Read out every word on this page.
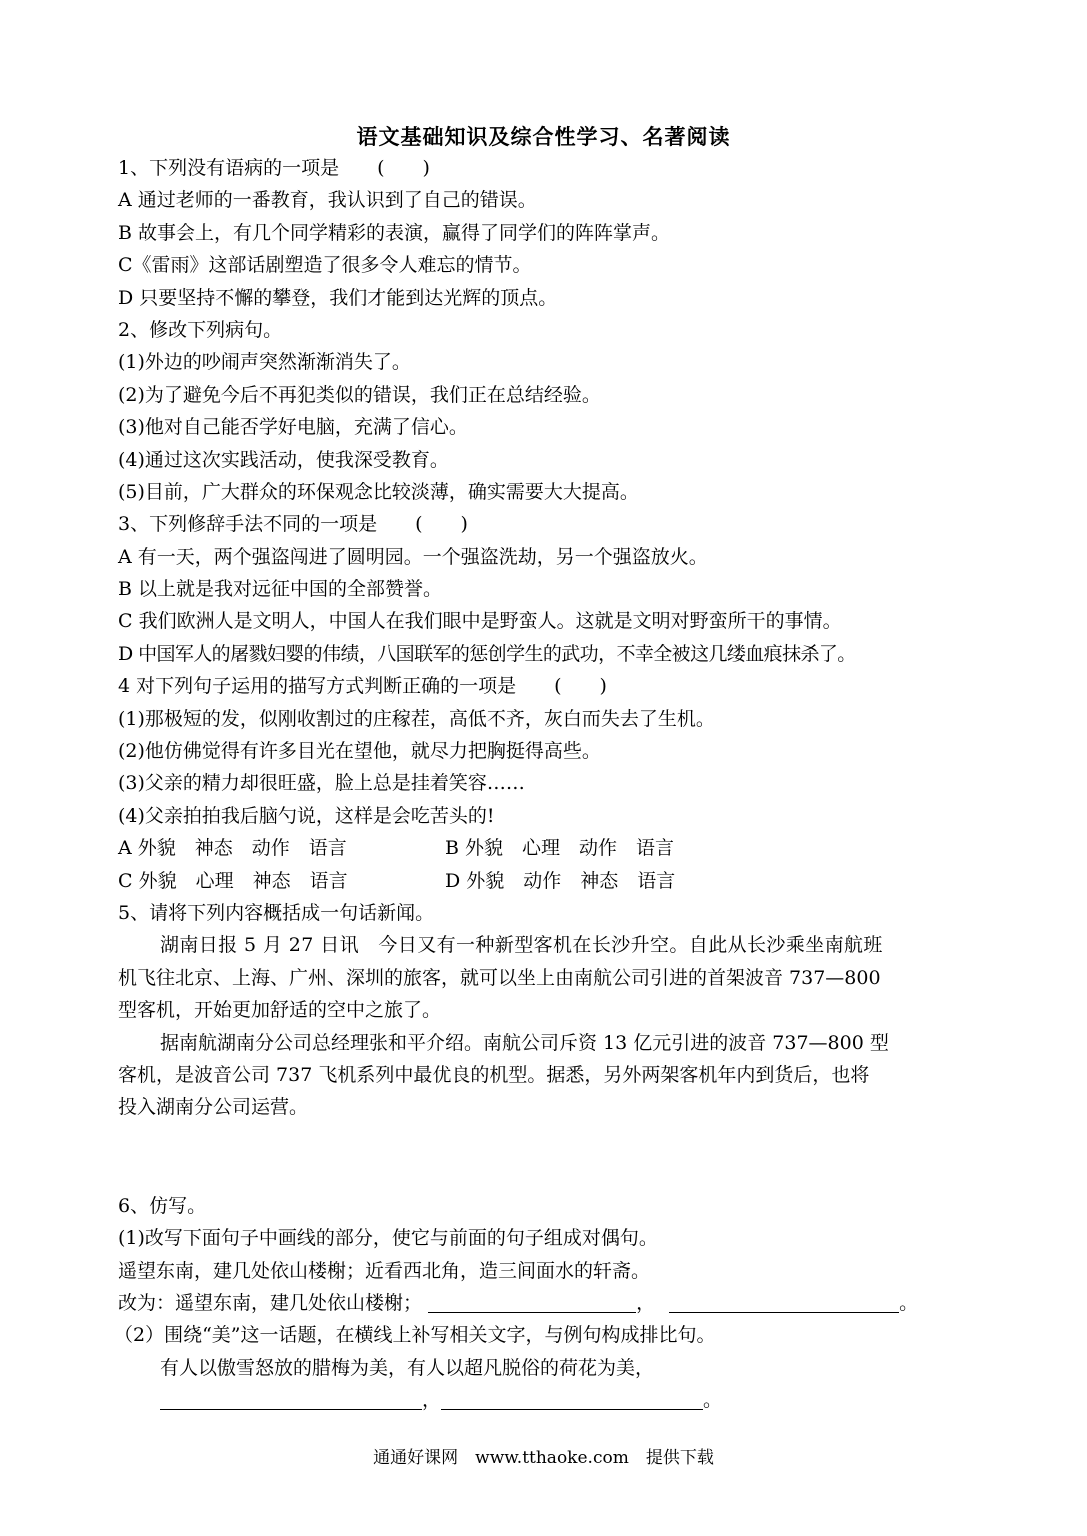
语文基础知识及综合性学习、名著阅读
1、下列没有语病的一项是　　(　　)
A 通过老师的一番教育，我认识到了自己的错误。
B 故事会上，有几个同学精彩的表演，赢得了同学们的阵阵掌声。
C《雷雨》这部话剧塑造了很多令人难忘的情节。
D 只要坚持不懈的攀登，我们才能到达光辉的顶点。
2、修改下列病句。
(1)外边的吵闹声突然渐渐消失了。
(2)为了避免今后不再犯类似的错误，我们正在总结经验。
(3)他对自己能否学好电脑，充满了信心。
(4)通过这次实践活动，使我深受教育。
(5)目前，广大群众的环保观念比较淡薄，确实需要大大提高。
3、下列修辞手法不同的一项是　　(　　)
A 有一天，两个强盗闯进了圆明园。一个强盗洗劫，另一个强盗放火。
B 以上就是我对远征中国的全部赞誉。
C 我们欧洲人是文明人，中国人在我们眼中是野蛮人。这就是文明对野蛮所干的事情。
D 中国军人的屠戮妇婴的伟绩，八国联军的惩创学生的武功，不幸全被这几缕血痕抹杀了。
4 对下列句子运用的描写方式判断正确的一项是　　(　　)
(1)那极短的发，似刚收割过的庄稼茬，高低不齐，灰白而失去了生机。
(2)他仿佛觉得有许多目光在望他，就尽力把胸挺得高些。
(3)父亲的精力却很旺盛，脸上总是挂着笑容……
(4)父亲拍拍我后脑勺说，这样是会吃苦头的!
A 外貌　神态　动作　语言	B 外貌　心理　动作　语言
C 外貌　心理　神态　语言	D 外貌　动作　神态　语言
5、请将下列内容概括成一句话新闻。
湖南日报 5 月 27 日讯　今日又有一种新型客机在长沙升空。自此从长沙乘坐南航班
机飞往北京、上海、广州、深圳的旅客，就可以坐上由南航公司引进的首架波音 737—800
型客机，开始更加舒适的空中之旅了。
据南航湖南分公司总经理张和平介绍。南航公司斥资 13 亿元引进的波音 737—800 型
客机，是波音公司 737 飞机系列中最优良的机型。据悉，另外两架客机年内到货后，也将
投入湖南分公司运营。
6、仿写。
(1)改写下面句子中画线的部分，使它与前面的句子组成对偶句。
遥望东南，建几处依山楼榭；近看西北角，造三间面水的轩斋。
改为：遥望东南，建几处依山楼榭；	，	。
（2）围绕“美”这一话题，在横线上补写相关文字，与例句构成排比句。
有人以傲雪怒放的腊梅为美，有人以超凡脱俗的荷花为美，
，	。
通通好课网　www.tthaoke.com　提供下载
